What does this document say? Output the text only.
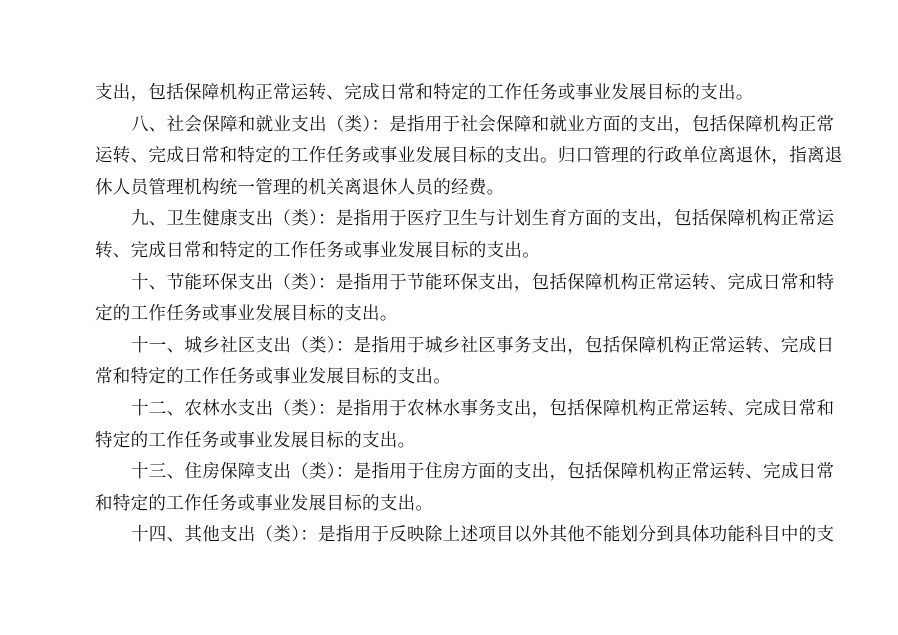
支出，包括保障机构正常运转、完成日常和特定的工作任务或事业发展目标的支出。
八、社会保障和就业支出（类）：是指用于社会保障和就业方面的支出，包括保障机构正常
运转、完成日常和特定的工作任务或事业发展目标的支出。归口管理的行政单位离退休，指离退
休人员管理机构统一管理的机关离退休人员的经费。
九、卫生健康支出（类）：是指用于医疗卫生与计划生育方面的支出，包括保障机构正常运
转、完成日常和特定的工作任务或事业发展目标的支出。
十、节能环保支出（类）：是指用于节能环保支出，包括保障机构正常运转、完成日常和特
定的工作任务或事业发展目标的支出。
十一、城乡社区支出（类）：是指用于城乡社区事务支出，包括保障机构正常运转、完成日
常和特定的工作任务或事业发展目标的支出。
十二、农林水支出（类）：是指用于农林水事务支出，包括保障机构正常运转、完成日常和
特定的工作任务或事业发展目标的支出。
十三、住房保障支出（类）：是指用于住房方面的支出，包括保障机构正常运转、完成日常
和特定的工作任务或事业发展目标的支出。
十四、其他支出（类）：是指用于反映除上述项目以外其他不能划分到具体功能科目中的支
